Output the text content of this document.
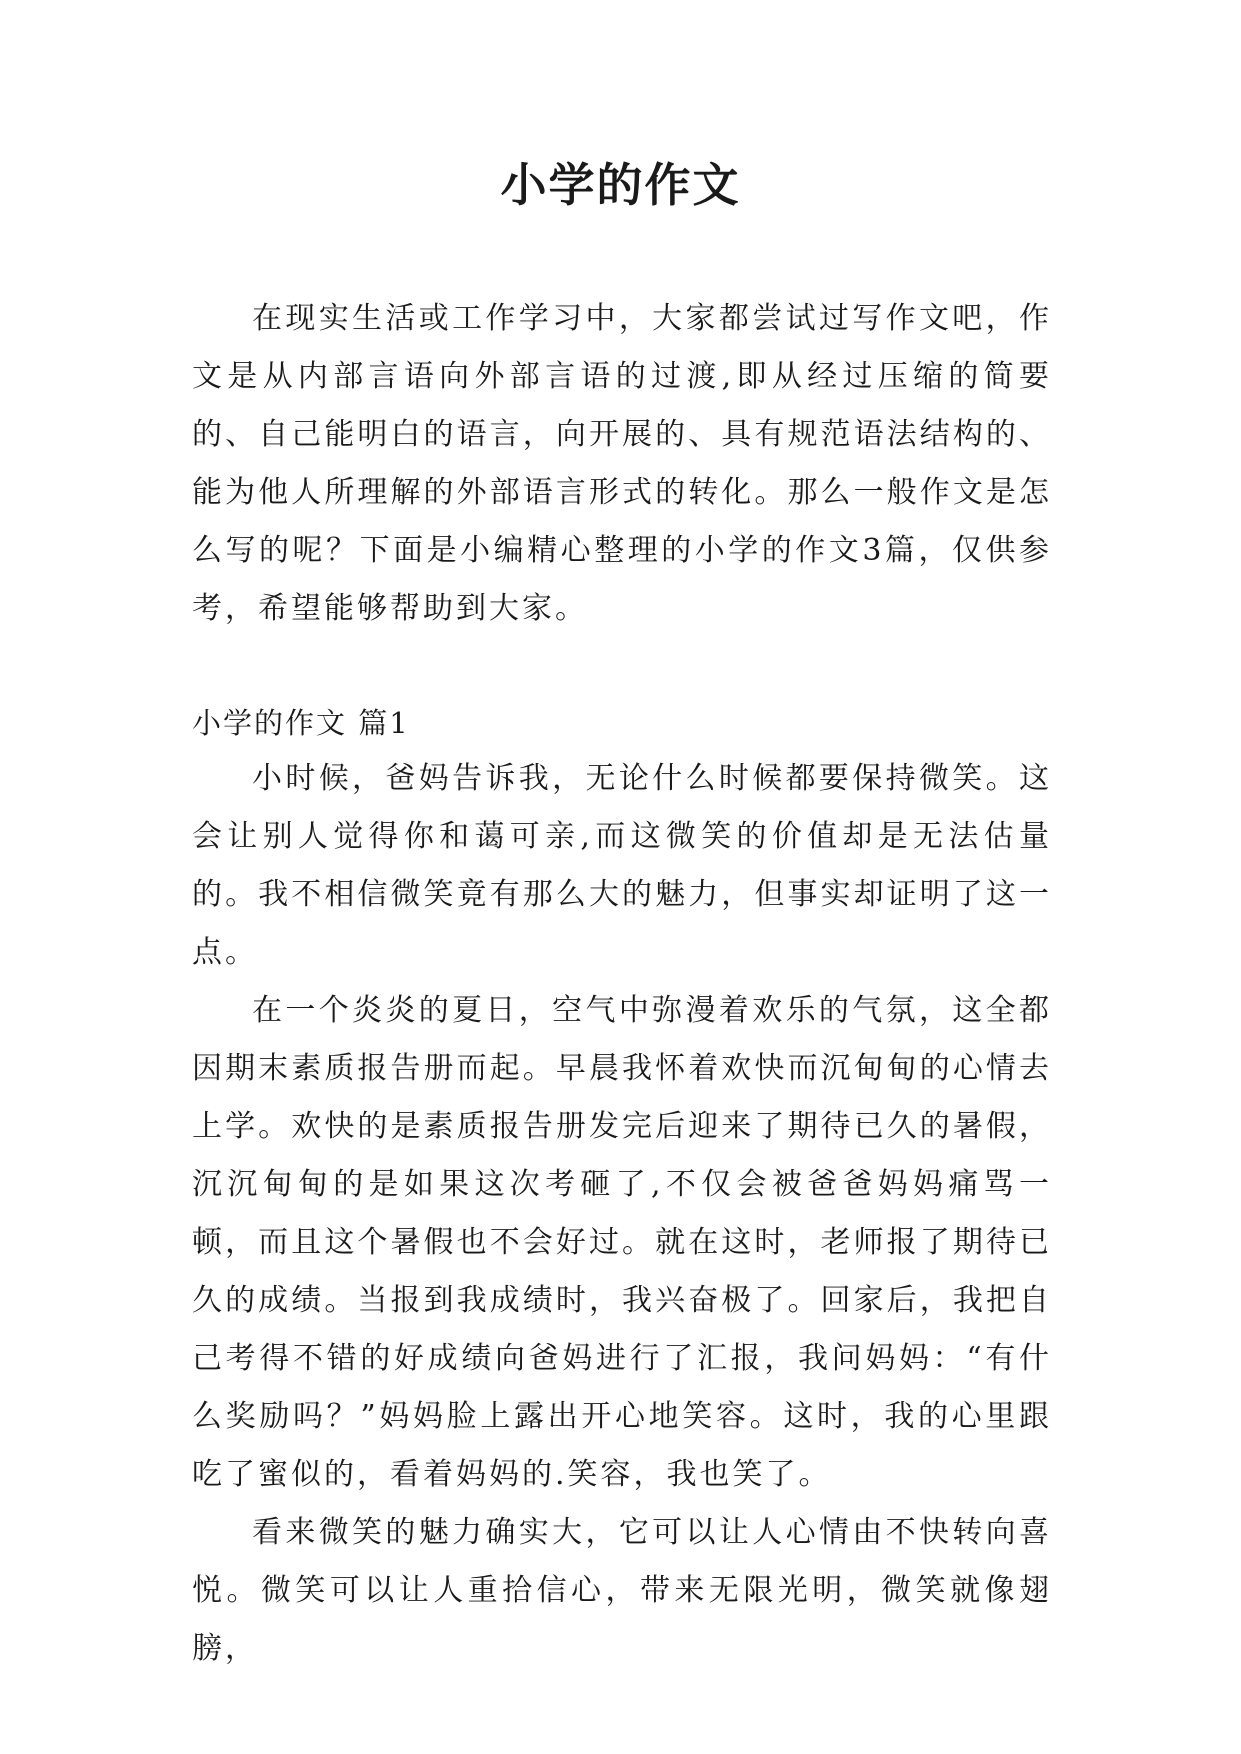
小学的作文

在现实生活或工作学习中，大家都尝试过写作文吧，作文是从内部言语向外部言语的过渡,即从经过压缩的简要的、自己能明白的语言，向开展的、具有规范语法结构的、能为他人所理解的外部语言形式的转化。那么一般作文是怎么写的呢？下面是小编精心整理的小学的作文3篇，仅供参考，希望能够帮助到大家。

小学的作文 篇1

小时候，爸妈告诉我，无论什么时候都要保持微笑。这会让别人觉得你和蔼可亲,而这微笑的价值却是无法估量的。我不相信微笑竟有那么大的魅力，但事实却证明了这一点。

在一个炎炎的夏日，空气中弥漫着欢乐的气氛，这全都因期末素质报告册而起。早晨我怀着欢快而沉甸甸的心情去上学。欢快的是素质报告册发完后迎来了期待已久的暑假，沉沉甸甸的是如果这次考砸了,不仅会被爸爸妈妈痛骂一顿，而且这个暑假也不会好过。就在这时，老师报了期待已久的成绩。当报到我成绩时，我兴奋极了。回家后，我把自己考得不错的好成绩向爸妈进行了汇报，我问妈妈：“有什么奖励吗？”妈妈脸上露出开心地笑容。这时，我的心里跟吃了蜜似的，看着妈妈的.笑容，我也笑了。

看来微笑的魅力确实大，它可以让人心情由不快转向喜悦。微笑可以让人重拾信心，带来无限光明，微笑就像翅膀，
